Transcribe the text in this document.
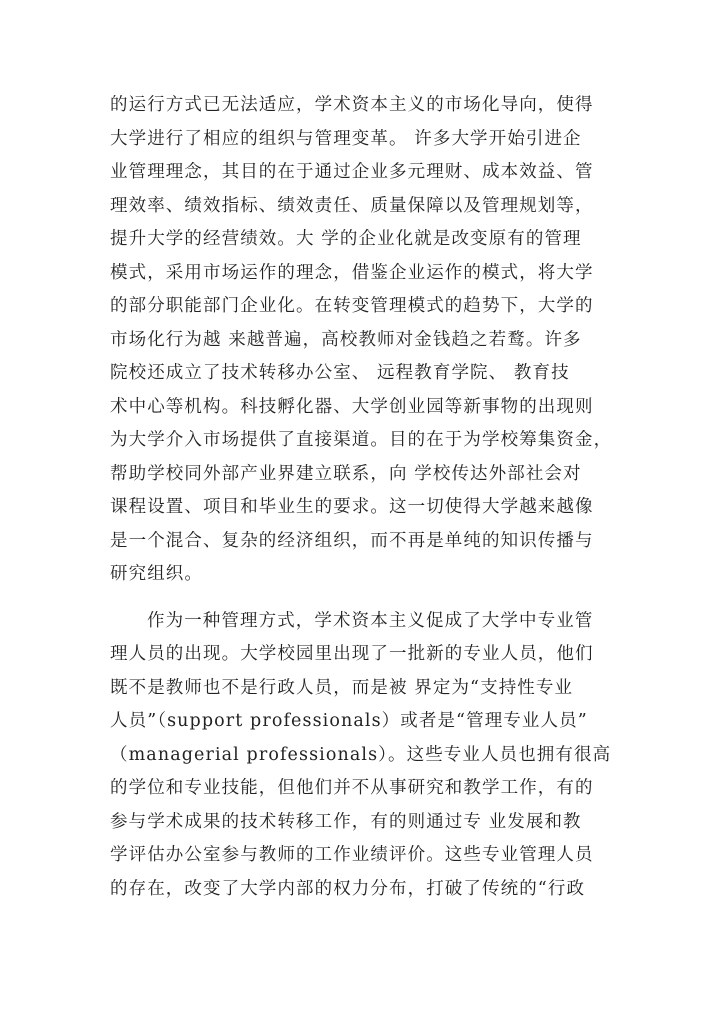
的运行方式已无法适应，学术资本主义的市场化导向，使得
大学进行了相应的组织与管理变革。 许多大学开始引进企
业管理理念，其目的在于通过企业多元理财、成本效益、管
理效率、绩效指标、绩效责任、质量保障以及管理规划等，
提升大学的经营绩效。大 学的企业化就是改变原有的管理
模式，采用市场运作的理念，借鉴企业运作的模式，将大学
的部分职能部门企业化。在转变管理模式的趋势下，大学的
市场化行为越 来越普遍，高校教师对金钱趋之若鹜。许多
院校还成立了技术转移办公室、 远程教育学院、 教育技
术中心等机构。科技孵化器、大学创业园等新事物的出现则
为大学介入市场提供了直接渠道。目的在于为学校筹集资金，
帮助学校同外部产业界建立联系，向 学校传达外部社会对
课程设置、项目和毕业生的要求。这一切使得大学越来越像
是一个混合、复杂的经济组织，而不再是单纯的知识传播与
研究组织。
作为一种管理方式，学术资本主义促成了大学中专业管
理人员的出现。大学校园里出现了一批新的专业人员，他们
既不是教师也不是行政人员，而是被 界定为“支持性专业
人员”（support professionals）或者是“管理专业人员”
（managerial professionals）。这些专业人员也拥有很高
的学位和专业技能，但他们并不从事研究和教学工作，有的
参与学术成果的技术转移工作，有的则通过专 业发展和教
学评估办公室参与教师的工作业绩评价。这些专业管理人员
的存在，改变了大学内部的权力分布，打破了传统的“行政
